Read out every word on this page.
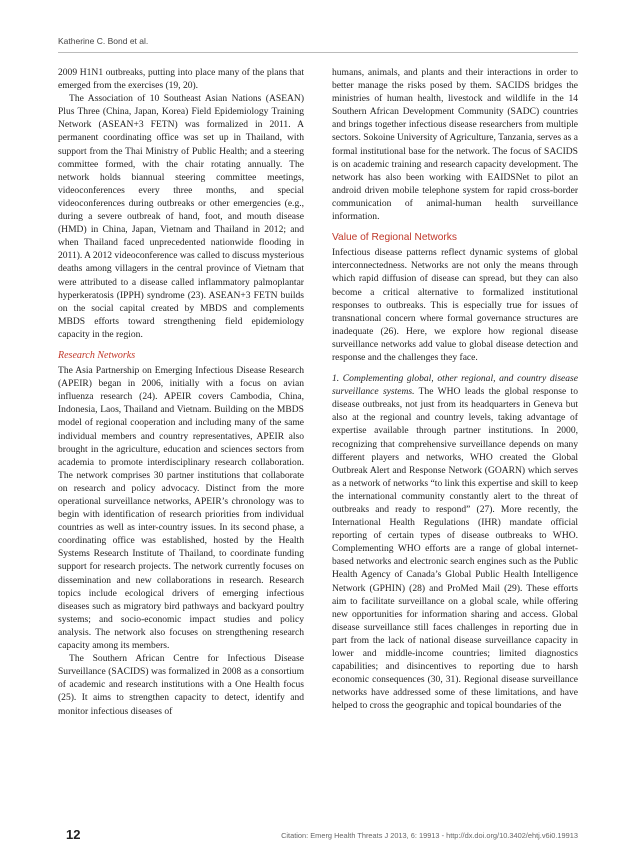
Katherine C. Bond et al.

2009 H1N1 outbreaks, putting into place many of the plans that emerged from the exercises (19, 20).

The Association of 10 Southeast Asian Nations (ASEAN) Plus Three (China, Japan, Korea) Field Epidemiology Training Network (ASEAN+3 FETN) was formalized in 2011. A permanent coordinating office was set up in Thailand, with support from the Thai Ministry of Public Health; and a steering committee formed, with the chair rotating annually. The network holds biannual steering committee meetings, videoconferences every three months, and special videoconferences during outbreaks or other emergencies (e.g., during a severe outbreak of hand, foot, and mouth disease (HMD) in China, Japan, Vietnam and Thailand in 2012; and when Thailand faced unprecedented nationwide flooding in 2011). A 2012 videoconference was called to discuss mysterious deaths among villagers in the central province of Vietnam that were attributed to a disease called inflammatory palmoplantar hyperkeratosis (IPPH) syndrome (23). ASEAN+3 FETN builds on the social capital created by MBDS and complements MBDS efforts toward strengthening field epidemiology capacity in the region.

Research Networks

The Asia Partnership on Emerging Infectious Disease Research (APEIR) began in 2006, initially with a focus on avian influenza research (24). APEIR covers Cambodia, China, Indonesia, Laos, Thailand and Vietnam. Building on the MBDS model of regional cooperation and including many of the same individual members and country representatives, APEIR also brought in the agriculture, education and sciences sectors from academia to promote interdisciplinary research collaboration. The network comprises 30 partner institutions that collaborate on research and policy advocacy. Distinct from the more operational surveillance networks, APEIR’s chronology was to begin with identification of research priorities from individual countries as well as inter-country issues. In its second phase, a coordinating office was established, hosted by the Health Systems Research Institute of Thailand, to coordinate funding support for research projects. The network currently focuses on dissemination and new collaborations in research. Research topics include ecological drivers of emerging infectious diseases such as migratory bird pathways and backyard poultry systems; and socio-economic impact studies and policy analysis. The network also focuses on strengthening research capacity among its members.

The Southern African Centre for Infectious Disease Surveillance (SACIDS) was formalized in 2008 as a consortium of academic and research institutions with a One Health focus (25). It aims to strengthen capacity to detect, identify and monitor infectious diseases of

humans, animals, and plants and their interactions in order to better manage the risks posed by them. SACIDS bridges the ministries of human health, livestock and wildlife in the 14 Southern African Development Community (SADC) countries and brings together infectious disease researchers from multiple sectors. Sokoine University of Agriculture, Tanzania, serves as a formal institutional base for the network. The focus of SACIDS is on academic training and research capacity development. The network has also been working with EAIDSNet to pilot an android driven mobile telephone system for rapid cross-border communication of animal-human health surveillance information.

Value of Regional Networks

Infectious disease patterns reflect dynamic systems of global interconnectedness. Networks are not only the means through which rapid diffusion of disease can spread, but they can also become a critical alternative to formalized institutional responses to outbreaks. This is especially true for issues of transnational concern where formal governance structures are inadequate (26). Here, we explore how regional disease surveillance networks add value to global disease detection and response and the challenges they face.

1. Complementing global, other regional, and country disease surveillance systems. The WHO leads the global response to disease outbreaks, not just from its headquarters in Geneva but also at the regional and country levels, taking advantage of expertise available through partner institutions. In 2000, recognizing that comprehensive surveillance depends on many different players and networks, WHO created the Global Outbreak Alert and Response Network (GOARN) which serves as a network of networks “to link this expertise and skill to keep the international community constantly alert to the threat of outbreaks and ready to respond” (27). More recently, the International Health Regulations (IHR) mandate official reporting of certain types of disease outbreaks to WHO. Complementing WHO efforts are a range of global internet-based networks and electronic search engines such as the Public Health Agency of Canada’s Global Public Health Intelligence Network (GPHIN) (28) and ProMed Mail (29). These efforts aim to facilitate surveillance on a global scale, while offering new opportunities for information sharing and access. Global disease surveillance still faces challenges in reporting due in part from the lack of national disease surveillance capacity in lower and middle-income countries; limited diagnostics capabilities; and disincentives to reporting due to harsh economic consequences (30, 31). Regional disease surveillance networks have addressed some of these limitations, and have helped to cross the geographic and topical boundaries of the

12	Citation: Emerg Health Threats J 2013, 6: 19913 - http://dx.doi.org/10.3402/ehtj.v6i0.19913
